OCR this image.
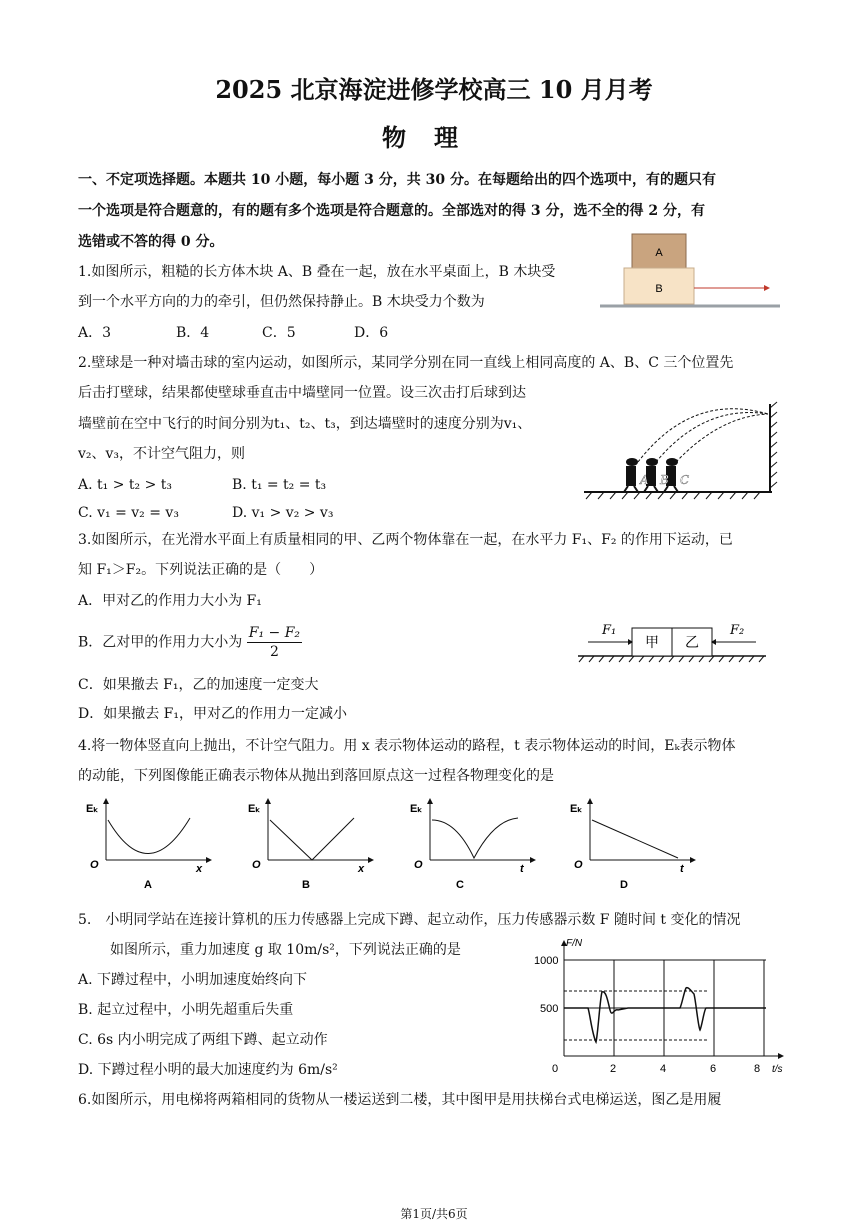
2025 北京海淀进修学校高三 10 月月考
物理
一、不定项选择题。本题共 10 小题，每小题 3 分，共 30 分。在每题给出的四个选项中，有的题只有
一个选项是符合题意的，有的题有多个选项是符合题意的。全部选对的得 3 分，选不全的得 2 分，有
选错或不答的得 0 分。
1.如图所示，粗糙的长方体木块 A、B 叠在一起，放在水平桌面上，B 木块受
到一个水平方向的力的牵引，但仍然保持静止。B 木块受力个数为
A．3	B．4	C．5	D．6
A
B
2.壁球是一种对墙击球的室内运动，如图所示，某同学分别在同一直线上相同高度的 A、B、C 三个位置先
后击打壁球，结果都使壁球垂直击中墙壁同一位置。设三次击打后球到达
墙壁前在空中飞行的时间分别为t₁、t₂、t₃，到达墙壁时的速度分别为v₁、
v₂、v₃，不计空气阻力，则
A. t₁ > t₂ > t₃	B. t₁ = t₂ = t₃
C. v₁ = v₂ = v₃	D. v₁ > v₂ > v₃
A B C
3.如图所示，在光滑水平面上有质量相同的甲、乙两个物体靠在一起，在水平力 F₁、F₂ 的作用下运动，已
知 F₁＞F₂。下列说法正确的是（　　）
A．甲对乙的作用力大小为 F₁
B．乙对甲的作用力大小为 $\frac{\text{F₁ − F₂}}{2}$
C．如果撤去 F₁，乙的加速度一定变大
D．如果撤去 F₁，甲对乙的作用力一定减小
甲 乙
F₁	F₂
4.将一物体竖直向上抛出，不计空气阻力。用 x 表示物体运动的路程，t 表示物体运动的时间，Eₖ表示物体
的动能，下列图像能正确表示物体从抛出到落回原点这一过程各物理变化的是
Eₖ
O	x
A
Eₖ
O	x
B
Eₖ
O	t
C
Eₖ
O	t
D
5.　小明同学站在连接计算机的压力传感器上完成下蹲、起立动作，压力传感器示数 F 随时间 t 变化的情况
如图所示，重力加速度 g 取 10m/s²，下列说法正确的是
A. 下蹲过程中，小明加速度始终向下
B. 起立过程中，小明先超重后失重
C. 6s 内小明完成了两组下蹲、起立动作
D. 下蹲过程小明的最大加速度约为 6m/s²
1000
500
F/N
0	2	4	6	8 t/s
6.如图所示，用电梯将两箱相同的货物从一楼运送到二楼，其中图甲是用扶梯台式电梯运送，图乙是用履
第1页/共6页
